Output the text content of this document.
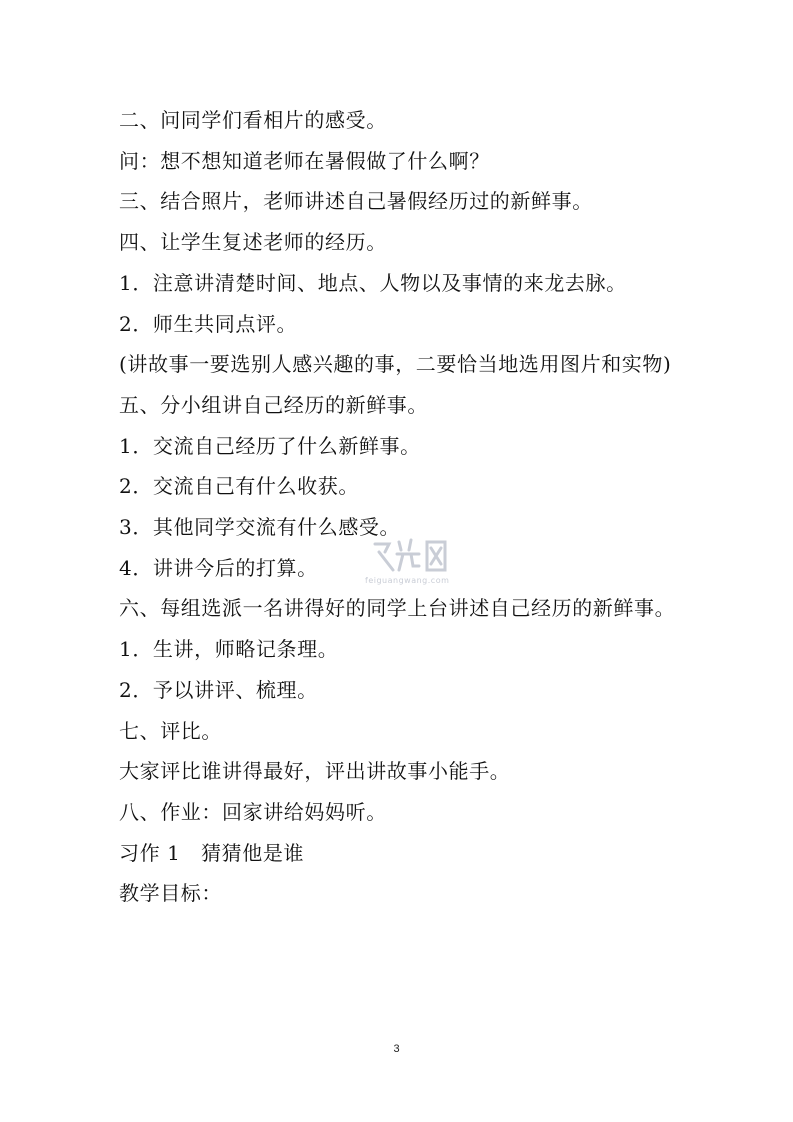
二、问同学们看相片的感受。
问：想不想知道老师在暑假做了什么啊？
三、结合照片，老师讲述自己暑假经历过的新鲜事。
四、让学生复述老师的经历。
1．注意讲清楚时间、地点、人物以及事情的来龙去脉。
2．师生共同点评。
(讲故事一要选别人感兴趣的事，二要恰当地选用图片和实物)
五、分小组讲自己经历的新鲜事。
1．交流自己经历了什么新鲜事。
2．交流自己有什么收获。
3．其他同学交流有什么感受。
4．讲讲今后的打算。
六、每组选派一名讲得好的同学上台讲述自己经历的新鲜事。
1．生讲，师略记条理。
2．予以讲评、梳理。
七、评比。
大家评比谁讲得最好，评出讲故事小能手。
八、作业：回家讲给妈妈听。
习作 1　猜猜他是谁
教学目标：
feiguangwang.com
3
